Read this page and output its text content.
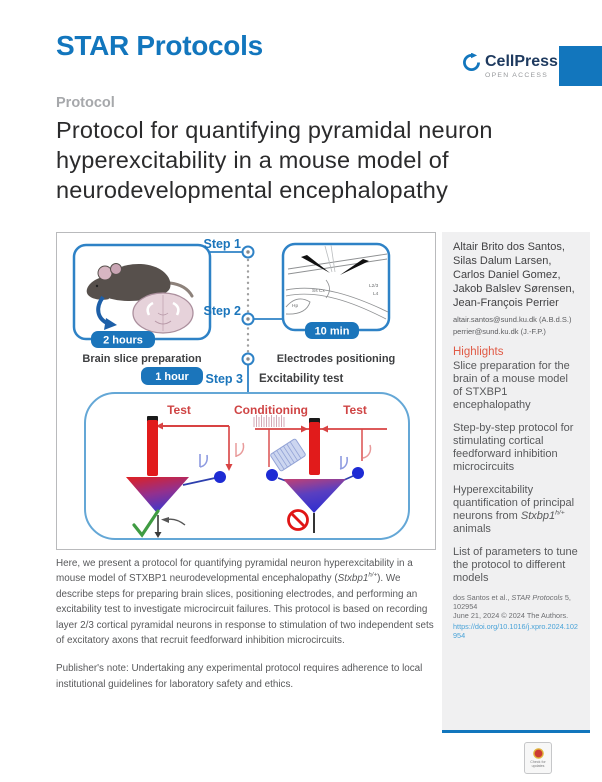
STAR Protocols
CellPress
OPEN ACCESS
Protocol
Protocol for quantifying pyramidal neuron hyperexcitability in a mouse model of neurodevelopmental encephalopathy
2 hours
Brain slice preparation
L2/3
L4
Ss Cx
Hp
10 min
Electrodes positioning
Step 1
Step 2
Step 3
1 hour	Excitability test
Test	Conditioning	Test

Here, we present a protocol for quantifying pyramidal neuron hyperexcitability in a mouse model of STXBP1 neurodevelopmental encephalopathy $(Stxbp1^{h/+})$. We describe steps for preparing brain slices, positioning electrodes, and performing an excitability test to investigate microcircuit failures. This protocol is based on recording layer 2/3 cortical pyramidal neurons in response to stimulation of two independent sets of excitatory axons that recruit feedforward inhibition microcircuits.

Publisher's note: Undertaking any experimental protocol requires adherence to local institutional guidelines for laboratory safety and ethics.

Altair Brito dos Santos, Silas Dalum Larsen, Carlos Daniel Gomez, Jakob Balslev Sørensen, Jean-François Perrier
altair.santos@sund.ku.dk (A.B.d.S.)
perrier@sund.ku.dk (J.-F.P.)
Highlights
Slice preparation for the brain of a mouse model of STXBP1 encephalopathy
Step-by-step protocol for stimulating cortical feedforward inhibition microcircuits
Hyperexcitability quantification of principal neurons from $Stxbp1^{h/+}$ animals
List of parameters to tune the protocol to different models
dos Santos et al., STAR Protocols 5, 102954
June 21, 2024 © 2024 The Authors.
https://doi.org/10.1016/j.xpro.2024.102954
Check for updates
